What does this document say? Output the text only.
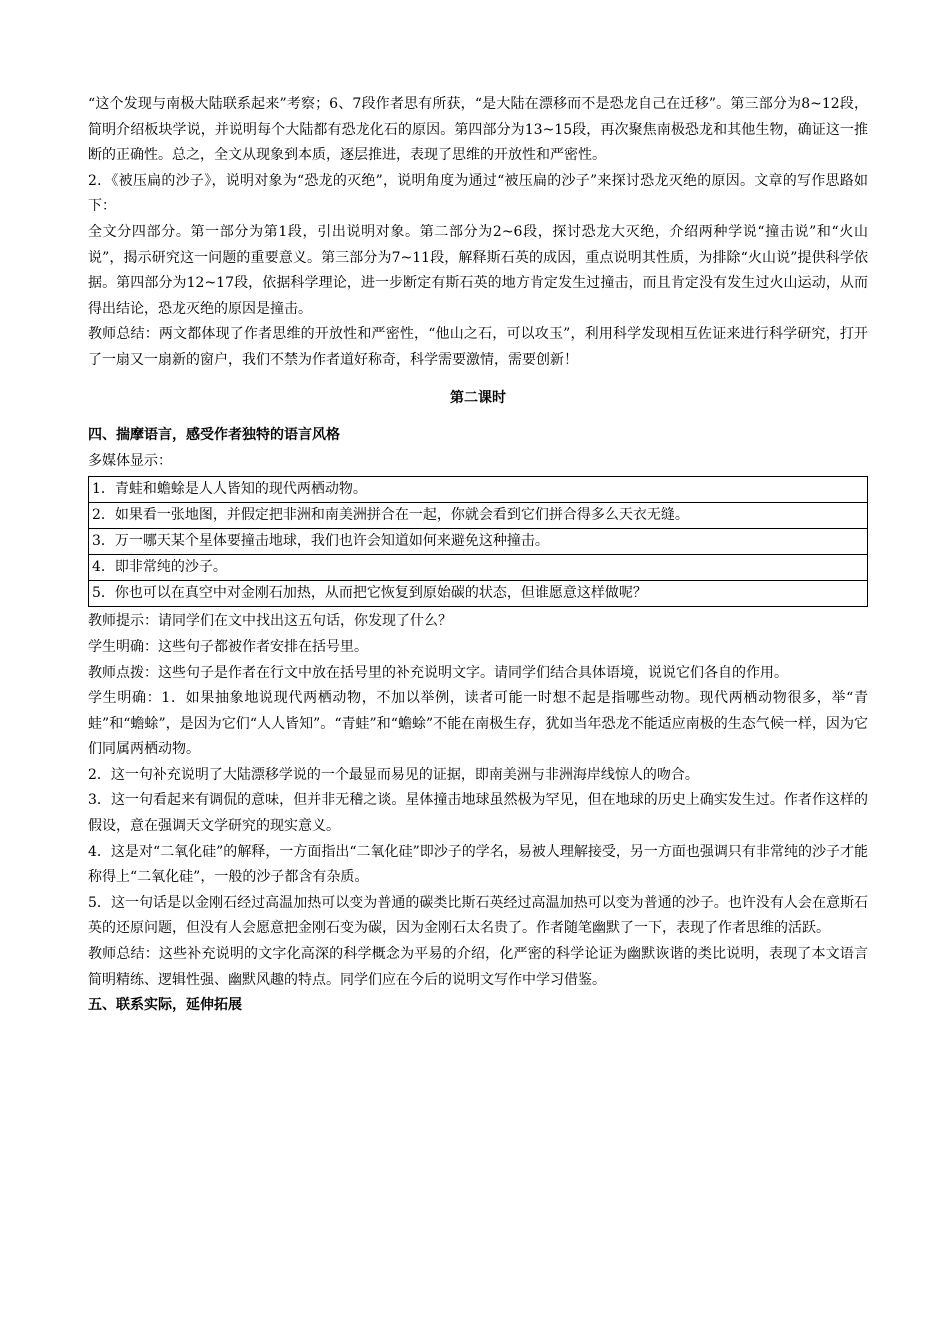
“这个发现与南极大陆联系起来”考察；6、7段作者思有所获，“是大陆在漂移而不是恐龙自己在迁移”。第三部分为8~12段，简明介绍板块学说，并说明每个大陆都有恐龙化石的原因。第四部分为13~15段，再次聚焦南极恐龙和其他生物，确证这一推断的正确性。总之，全文从现象到本质，逐层推进，表现了思维的开放性和严密性。

2．《被压扁的沙子》，说明对象为“恐龙的灭绝”，说明角度为通过“被压扁的沙子”来探讨恐龙灭绝的原因。文章的写作思路如下：

全文分四部分。第一部分为第1段，引出说明对象。第二部分为2~6段，探讨恐龙大灭绝，介绍两种学说“撞击说”和“火山说”，揭示研究这一问题的重要意义。第三部分为7~11段，解释斯石英的成因，重点说明其性质，为排除“火山说”提供科学依据。第四部分为12~17段，依据科学理论，进一步断定有斯石英的地方肯定发生过撞击，而且肯定没有发生过火山运动，从而得出结论，恐龙灭绝的原因是撞击。

教师总结：两文都体现了作者思维的开放性和严密性，“他山之石，可以攻玉”，利用科学发现相互佐证来进行科学研究，打开了一扇又一扇新的窗户，我们不禁为作者道好称奇，科学需要激情，需要创新！

第二课时

四、揣摩语言，感受作者独特的语言风格

多媒体显示：

1．青蛙和蟾蜍是人人皆知的现代两栖动物。
2．如果看一张地图，并假定把非洲和南美洲拼合在一起，你就会看到它们拼合得多么天衣无缝。
3．万一哪天某个星体要撞击地球，我们也许会知道如何来避免这种撞击。
4．即非常纯的沙子。
5．你也可以在真空中对金刚石加热，从而把它恢复到原始碳的状态，但谁愿意这样做呢？

教师提示：请同学们在文中找出这五句话，你发现了什么？

学生明确：这些句子都被作者安排在括号里。

教师点拨：这些句子是作者在行文中放在括号里的补充说明文字。请同学们结合具体语境，说说它们各自的作用。

学生明确：1．如果抽象地说现代两栖动物，不加以举例，读者可能一时想不起是指哪些动物。现代两栖动物很多，举“青蛙”和“蟾蜍”，是因为它们“人人皆知”。“青蛙”和“蟾蜍”不能在南极生存，犹如当年恐龙不能适应南极的生态气候一样，因为它们同属两栖动物。

2．这一句补充说明了大陆漂移学说的一个最显而易见的证据，即南美洲与非洲海岸线惊人的吻合。

3．这一句看起来有调侃的意味，但并非无稽之谈。星体撞击地球虽然极为罕见，但在地球的历史上确实发生过。作者作这样的假设，意在强调天文学研究的现实意义。

4．这是对“二氧化硅”的解释，一方面指出“二氧化硅”即沙子的学名，易被人理解接受，另一方面也强调只有非常纯的沙子才能称得上“二氧化硅”，一般的沙子都含有杂质。

5．这一句话是以金刚石经过高温加热可以变为普通的碳类比斯石英经过高温加热可以变为普通的沙子。也许没有人会在意斯石英的还原问题，但没有人会愿意把金刚石变为碳，因为金刚石太名贵了。作者随笔幽默了一下，表现了作者思维的活跃。

教师总结：这些补充说明的文字化高深的科学概念为平易的介绍，化严密的科学论证为幽默诙谐的类比说明，表现了本文语言简明精练、逻辑性强、幽默风趣的特点。同学们应在今后的说明文写作中学习借鉴。

五、联系实际，延伸拓展
